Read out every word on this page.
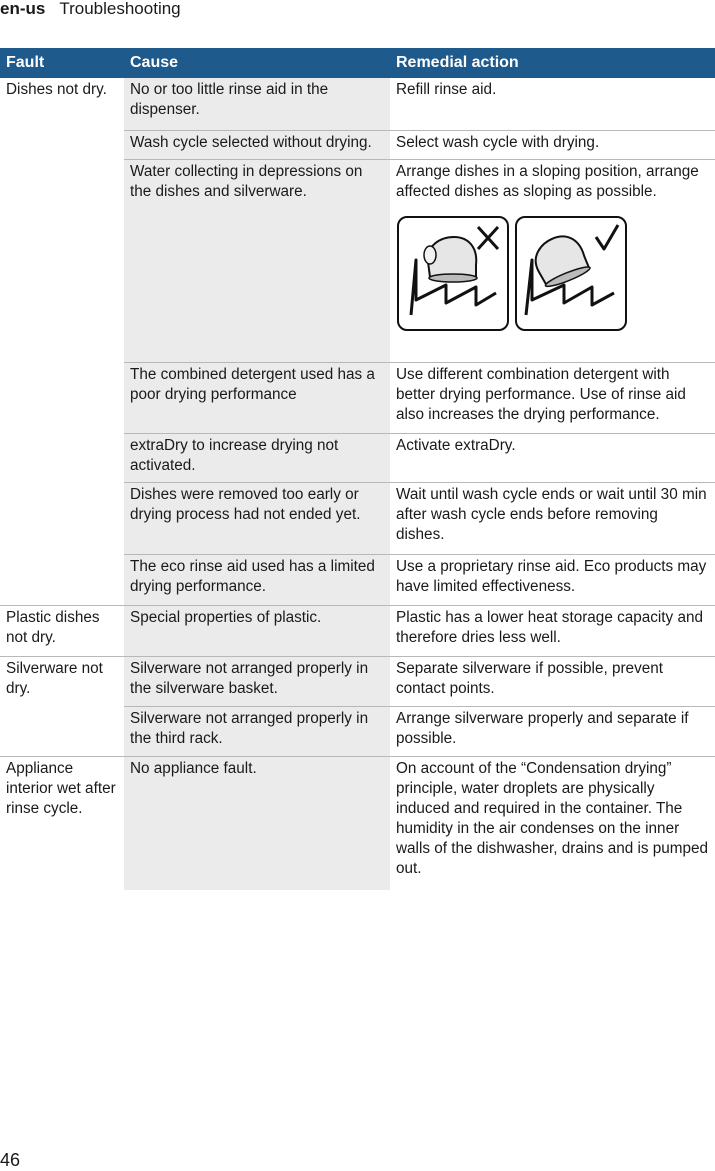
en-us Troubleshooting
Fault	Cause	Remedial action
Dishes not dry.	No or too little rinse aid in the dispenser.	Refill rinse aid.
	Wash cycle selected without drying.	Select wash cycle with drying.
	Water collecting in depressions on the dishes and silverware.	Arrange dishes in a sloping position, arrange affected dishes as sloping as possible.

	The combined detergent used has a poor drying performance	Use different combination detergent with better drying performance. Use of rinse aid also increases the drying performance.
	extraDry to increase drying not activated.	Activate extraDry.
	Dishes were removed too early or drying process had not ended yet.	Wait until wash cycle ends or wait until 30 min after wash cycle ends before removing dishes.
	The eco rinse aid used has a limited drying performance.	Use a proprietary rinse aid. Eco products may have limited effectiveness.
Plastic dishes not dry.	Special properties of plastic.	Plastic has a lower heat storage capacity and therefore dries less well.
Silverware not dry.	Silverware not arranged properly in the silverware basket.	Separate silverware if possible, prevent contact points.
	Silverware not arranged properly in the third rack.	Arrange silverware properly and separate if possible.
Appliance interior wet after rinse cycle.	No appliance fault.	On account of the “Condensation drying” principle, water droplets are physically induced and required in the container. The humidity in the air condenses on the inner walls of the dishwasher, drains and is pumped out.
46
